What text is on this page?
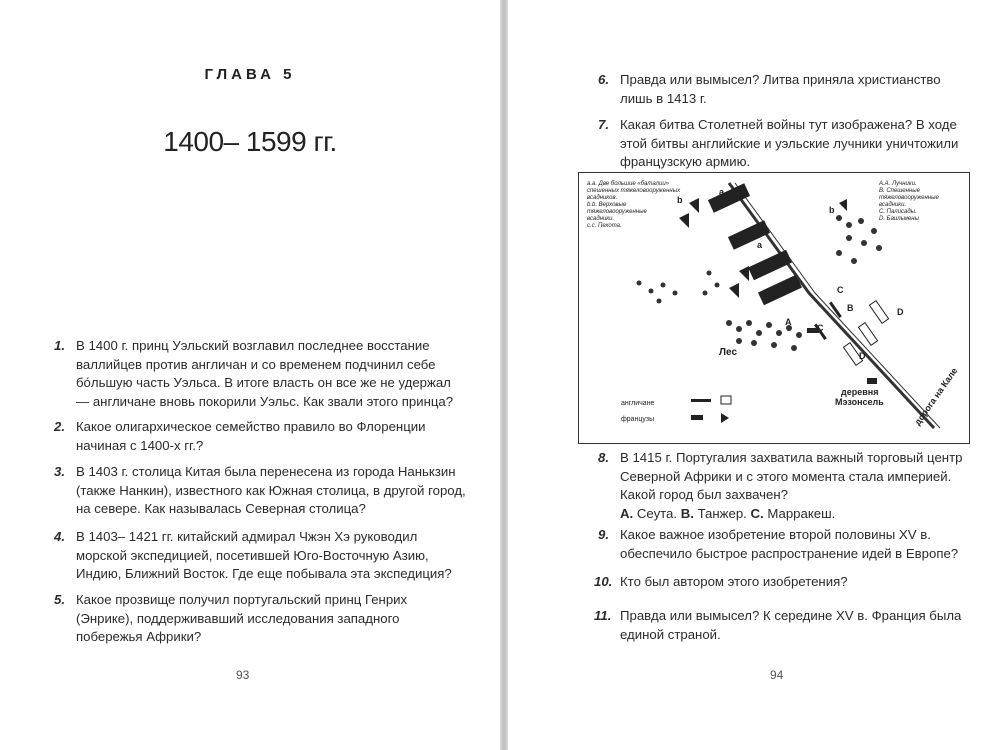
ГЛАВА 5
1400– 1599 гг.
1. В 1400 г. принц Уэльский возглавил последнее восстание валлийцев против англичан и со временем подчинил себе бóльшую часть Уэльса. В итоге власть он все же не удержал — англичане вновь покорили Уэльс. Как звали этого принца?
2. Какое олигархическое семейство правило во Флоренции начиная с 1400-х гг.?
3. В 1403 г. столица Китая была перенесена из города Нанькзин (также Нанкин), известного как Южная столица, в другой город, на севере. Как называлась Северная столица?
4. В 1403– 1421 гг. китайский адмирал Чжэн Хэ руководил морской экспедицией, посетившей Юго-Восточную Азию, Индию, Ближний Восток. Где еще побывала эта экспедиция?
5. Какое прозвище получил португальский принц Генрих (Энрике), поддерживавший исследования западного побережья Африки?
93
6. Правда или вымысел? Литва приняла христианство лишь в 1413 г.
7. Какая битва Столетней войны тут изображена? В ходе этой битвы английские и уэльские лучники уничтожили французскую армию.
8. В 1415 г. Португалия захватила важный торговый центр Северной Африки и с этого момента стала империей. Какой город был захвачен?
A. Сеута. B. Танжер. C. Марракеш.
9. Какое важное изобретение второй половины XV в. обеспечило быстрое распространение идей в Европе?
10. Кто был автором этого изобретения?
11. Правда или вымысел? К середине XV в. Франция была единой страной.
94
a.a. Две большие «баталии»
спешенных тяжеловооруженных
всадников.
b.b. Верховые
тяжеловооруженные
всадники.
c.c. Пехота.
A.A. Лучники.
B. Спешенные
тяжеловооруженные
всадники.
C. Палисады.
D. Баильмены
a
a
b
b
c	C
C
A
B	D
D
Лес
деревня
Мэзонсель	дорога на Кале
англичане
французы
